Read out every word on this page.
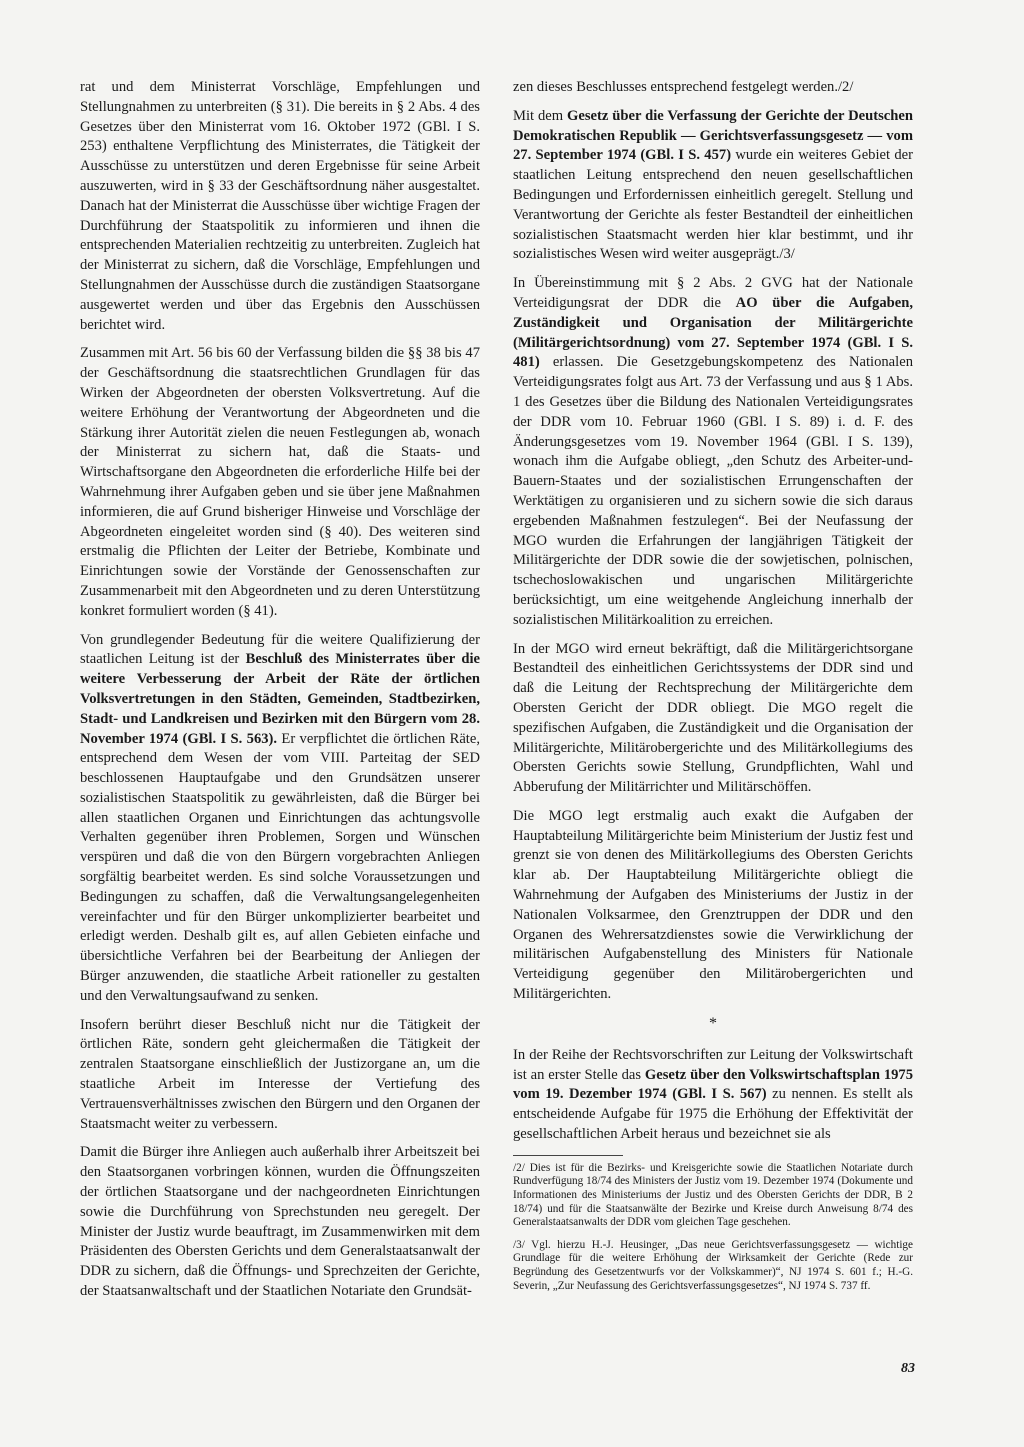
rat und dem Ministerrat Vorschläge, Empfehlungen und Stellungnahmen zu unterbreiten (§ 31). Die bereits in § 2 Abs. 4 des Gesetzes über den Ministerrat vom 16. Oktober 1972 (GBl. I S. 253) enthaltene Verpflichtung des Ministerrates, die Tätigkeit der Ausschüsse zu unterstützen und deren Ergebnisse für seine Arbeit auszuwerten, wird in § 33 der Geschäftsordnung näher ausgestaltet. Danach hat der Ministerrat die Ausschüsse über wichtige Fragen der Durchführung der Staatspolitik zu informieren und ihnen die entsprechenden Materialien rechtzeitig zu unterbreiten. Zugleich hat der Ministerrat zu sichern, daß die Vorschläge, Empfehlungen und Stellungnahmen der Ausschüsse durch die zuständigen Staatsorgane ausgewertet werden und über das Ergebnis den Ausschüssen berichtet wird.

Zusammen mit Art. 56 bis 60 der Verfassung bilden die §§ 38 bis 47 der Geschäftsordnung die staatsrechtlichen Grundlagen für das Wirken der Abgeordneten der obersten Volksvertretung. Auf die weitere Erhöhung der Verantwortung der Abgeordneten und die Stärkung ihrer Autorität zielen die neuen Festlegungen ab, wonach der Ministerrat zu sichern hat, daß die Staats- und Wirtschaftsorgane den Abgeordneten die erforderliche Hilfe bei der Wahrnehmung ihrer Aufgaben geben und sie über jene Maßnahmen informieren, die auf Grund bisheriger Hinweise und Vorschläge der Abgeordneten eingeleitet worden sind (§ 40). Des weiteren sind erstmalig die Pflichten der Leiter der Betriebe, Kombinate und Einrichtungen sowie der Vorstände der Genossenschaften zur Zusammenarbeit mit den Abgeordneten und zu deren Unterstützung konkret formuliert worden (§ 41).

Von grundlegender Bedeutung für die weitere Qualifizierung der staatlichen Leitung ist der Beschluß des Ministerrates über die weitere Verbesserung der Arbeit der Räte der örtlichen Volksvertretungen in den Städten, Gemeinden, Stadtbezirken, Stadt- und Landkreisen und Bezirken mit den Bürgern vom 28. November 1974 (GBl. I S. 563). Er verpflichtet die örtlichen Räte, entsprechend dem Wesen der vom VIII. Parteitag der SED beschlossenen Hauptaufgabe und den Grundsätzen unserer sozialistischen Staatspolitik zu gewährleisten, daß die Bürger bei allen staatlichen Organen und Einrichtungen das achtungsvolle Verhalten gegenüber ihren Problemen, Sorgen und Wünschen verspüren und daß die von den Bürgern vorgebrachten Anliegen sorgfältig bearbeitet werden. Es sind solche Voraussetzungen und Bedingungen zu schaffen, daß die Verwaltungsangelegenheiten vereinfachter und für den Bürger unkomplizierter bearbeitet und erledigt werden. Deshalb gilt es, auf allen Gebieten einfache und übersichtliche Verfahren bei der Bearbeitung der Anliegen der Bürger anzuwenden, die staatliche Arbeit rationeller zu gestalten und den Verwaltungsaufwand zu senken.

Insofern berührt dieser Beschluß nicht nur die Tätigkeit der örtlichen Räte, sondern geht gleichermaßen die Tätigkeit der zentralen Staatsorgane einschließlich der Justizorgane an, um die staatliche Arbeit im Interesse der Vertiefung des Vertrauensverhältnisses zwischen den Bürgern und den Organen der Staatsmacht weiter zu verbessern.

Damit die Bürger ihre Anliegen auch außerhalb ihrer Arbeitszeit bei den Staatsorganen vorbringen können, wurden die Öffnungszeiten der örtlichen Staatsorgane und der nachgeordneten Einrichtungen sowie die Durchführung von Sprechstunden neu geregelt. Der Minister der Justiz wurde beauftragt, im Zusammenwirken mit dem Präsidenten des Obersten Gerichts und dem Generalstaatsanwalt der DDR zu sichern, daß die Öffnungs- und Sprechzeiten der Gerichte, der Staatsanwaltschaft und der Staatlichen Notariate den Grundsät-

zen dieses Beschlusses entsprechend festgelegt werden./2/

Mit dem Gesetz über die Verfassung der Gerichte der Deutschen Demokratischen Republik — Gerichtsverfassungsgesetz — vom 27. September 1974 (GBl. I S. 457) wurde ein weiteres Gebiet der staatlichen Leitung entsprechend den neuen gesellschaftlichen Bedingungen und Erfordernissen einheitlich geregelt. Stellung und Verantwortung der Gerichte als fester Bestandteil der einheitlichen sozialistischen Staatsmacht werden hier klar bestimmt, und ihr sozialistisches Wesen wird weiter ausgeprägt./3/

In Übereinstimmung mit § 2 Abs. 2 GVG hat der Nationale Verteidigungsrat der DDR die AO über die Aufgaben, Zuständigkeit und Organisation der Militärgerichte (Militärgerichtsordnung) vom 27. September 1974 (GBl. I S. 481) erlassen. Die Gesetzgebungskompetenz des Nationalen Verteidigungsrates folgt aus Art. 73 der Verfassung und aus § 1 Abs. 1 des Gesetzes über die Bildung des Nationalen Verteidigungsrates der DDR vom 10. Februar 1960 (GBl. I S. 89) i. d. F. des Änderungsgesetzes vom 19. November 1964 (GBl. I S. 139), wonach ihm die Aufgabe obliegt, „den Schutz des Arbeiter-und-Bauern-Staates und der sozialistischen Errungenschaften der Werktätigen zu organisieren und zu sichern sowie die sich daraus ergebenden Maßnahmen festzulegen“. Bei der Neufassung der MGO wurden die Erfahrungen der langjährigen Tätigkeit der Militärgerichte der DDR sowie die der sowjetischen, polnischen, tschechoslowakischen und ungarischen Militärgerichte berücksichtigt, um eine weitgehende Angleichung innerhalb der sozialistischen Militärkoalition zu erreichen.

In der MGO wird erneut bekräftigt, daß die Militärgerichtsorgane Bestandteil des einheitlichen Gerichtssystems der DDR sind und daß die Leitung der Rechtsprechung der Militärgerichte dem Obersten Gericht der DDR obliegt. Die MGO regelt die spezifischen Aufgaben, die Zuständigkeit und die Organisation der Militärgerichte, Militärobergerichte und des Militärkollegiums des Obersten Gerichts sowie Stellung, Grundpflichten, Wahl und Abberufung der Militärrichter und Militärschöffen.

Die MGO legt erstmalig auch exakt die Aufgaben der Hauptabteilung Militärgerichte beim Ministerium der Justiz fest und grenzt sie von denen des Militärkollegiums des Obersten Gerichts klar ab. Der Hauptabteilung Militärgerichte obliegt die Wahrnehmung der Aufgaben des Ministeriums der Justiz in der Nationalen Volksarmee, den Grenztruppen der DDR und den Organen des Wehrersatzdienstes sowie die Verwirklichung der militärischen Aufgabenstellung des Ministers für Nationale Verteidigung gegenüber den Militärobergerichten und Militärgerichten.

*

In der Reihe der Rechtsvorschriften zur Leitung der Volkswirtschaft ist an erster Stelle das Gesetz über den Volkswirtschaftsplan 1975 vom 19. Dezember 1974 (GBl. I S. 567) zu nennen. Es stellt als entscheidende Aufgabe für 1975 die Erhöhung der Effektivität der gesellschaftlichen Arbeit heraus und bezeichnet sie als

/2/ Dies ist für die Bezirks- und Kreisgerichte sowie die Staatlichen Notariate durch Rundverfügung 18/74 des Ministers der Justiz vom 19. Dezember 1974 (Dokumente und Informationen des Ministeriums der Justiz und des Obersten Gerichts der DDR, B 2 18/74) und für die Staatsanwälte der Bezirke und Kreise durch Anweisung 8/74 des Generalstaatsanwalts der DDR vom gleichen Tage geschehen.

/3/ Vgl. hierzu H.-J. Heusinger, „Das neue Gerichtsverfassungsgesetz — wichtige Grundlage für die weitere Erhöhung der Wirksamkeit der Gerichte (Rede zur Begründung des Gesetzentwurfs vor der Volkskammer)“, NJ 1974 S. 601 f.; H.-G. Severin, „Zur Neufassung des Gerichtsverfassungsgesetzes“, NJ 1974 S. 737 ff.

83
